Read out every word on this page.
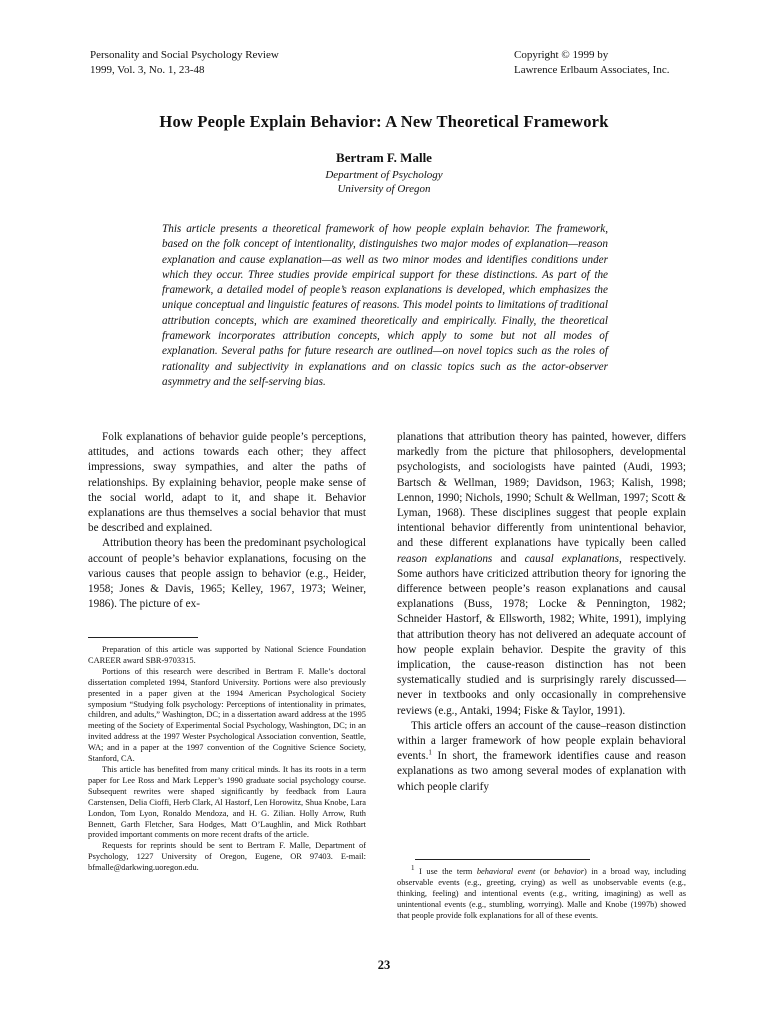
Personality and Social Psychology Review
1999, Vol. 3, No. 1, 23-48
Copyright © 1999 by
Lawrence Erlbaum Associates, Inc.
How People Explain Behavior: A New Theoretical Framework
Bertram F. Malle
Department of Psychology
University of Oregon
This article presents a theoretical framework of how people explain behavior. The framework, based on the folk concept of intentionality, distinguishes two major modes of explanation—reason explanation and cause explanation—as well as two minor modes and identifies conditions under which they occur. Three studies provide empirical support for these distinctions. As part of the framework, a detailed model of people’s reason explanations is developed, which emphasizes the unique conceptual and linguistic features of reasons. This model points to limitations of traditional attribution concepts, which are examined theoretically and empirically. Finally, the theoretical framework incorporates attribution concepts, which apply to some but not all modes of explanation. Several paths for future research are outlined—on novel topics such as the roles of rationality and subjectivity in explanations and on classic topics such as the actor-observer asymmetry and the self-serving bias.

Folk explanations of behavior guide people’s perceptions, attitudes, and actions towards each other; they affect impressions, sway sympathies, and alter the paths of relationships. By explaining behavior, people make sense of the social world, adapt to it, and shape it. Behavior explanations are thus themselves a social behavior that must be described and explained.

Attribution theory has been the predominant psychological account of people’s behavior explanations, focusing on the various causes that people assign to behavior (e.g., Heider, 1958; Jones & Davis, 1965; Kelley, 1967, 1973; Weiner, 1986). The picture of ex-

Preparation of this article was supported by National Science Foundation CAREER award SBR-9703315.

Portions of this research were described in Bertram F. Malle’s doctoral dissertation completed 1994, Stanford University. Portions were also previously presented in a paper given at the 1994 American Psychological Society symposium “Studying folk psychology: Perceptions of intentionality in primates, children, and adults,” Washington, DC; in a dissertation award address at the 1995 meeting of the Society of Experimental Social Psychology, Washington, DC; in an invited address at the 1997 Wester Psychological Association convention, Seattle, WA; and in a paper at the 1997 convention of the Cognitive Science Society, Stanford, CA.

This article has benefited from many critical minds. It has its roots in a term paper for Lee Ross and Mark Lepper’s 1990 graduate social psychology course. Subsequent rewrites were shaped significantly by feedback from Laura Carstensen, Delia Cioffi, Herb Clark, Al Hastorf, Len Horowitz, Shua Knobe, Lara London, Tom Lyon, Ronaldo Mendoza, and H. G. Zilian. Holly Arrow, Ruth Bennett, Garth Fletcher, Sara Hodges, Matt O’Laughlin, and Mick Rothbart provided important comments on more recent drafts of the article.

Requests for reprints should be sent to Bertram F. Malle, Department of Psychology, 1227 University of Oregon, Eugene, OR 97403. E-mail: bfmalle@darkwing.uoregon.edu.

planations that attribution theory has painted, however, differs markedly from the picture that philosophers, developmental psychologists, and sociologists have painted (Audi, 1993; Bartsch & Wellman, 1989; Davidson, 1963; Kalish, 1998; Lennon, 1990; Nichols, 1990; Schult & Wellman, 1997; Scott & Lyman, 1968). These disciplines suggest that people explain intentional behavior differently from unintentional behavior, and these different explanations have typically been called reason explanations and causal explanations, respectively. Some authors have criticized attribution theory for ignoring the difference between people’s reason explanations and causal explanations (Buss, 1978; Locke & Pennington, 1982; Schneider Hastorf, & Ellsworth, 1982; White, 1991), implying that attribution theory has not delivered an adequate account of how people explain behavior. Despite the gravity of this implication, the cause-reason distinction has not been systematically studied and is surprisingly rarely discussed—never in textbooks and only occasionally in comprehensive reviews (e.g., Antaki, 1994; Fiske & Taylor, 1991).

This article offers an account of the cause–reason distinction within a larger framework of how people explain behavioral events.$^1$ In short, the framework identifies cause and reason explanations as two among several modes of explanation with which people clarify

$^1$ I use the term behavioral event (or behavior) in a broad way, including observable events (e.g., greeting, crying) as well as unobservable events (e.g., thinking, feeling) and intentional events (e.g., writing, imagining) as well as unintentional events (e.g., stumbling, worrying). Malle and Knobe (1997b) showed that people provide folk explanations for all of these events.

23
